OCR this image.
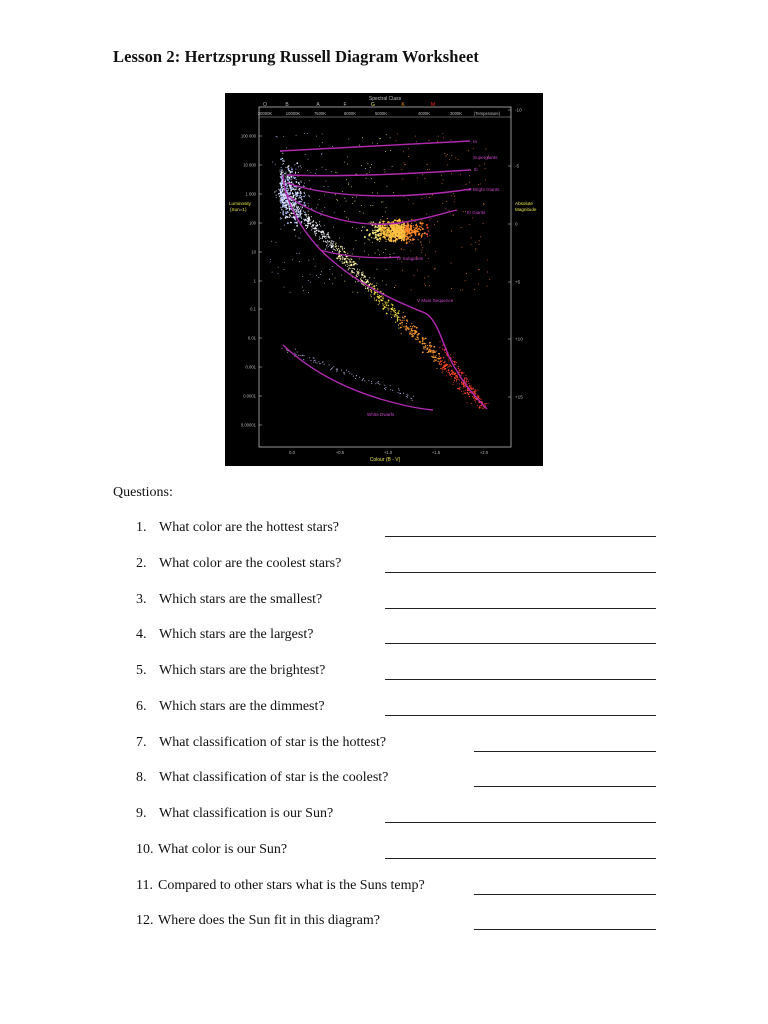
Lesson 2: Hertzsprung Russell Diagram Worksheet
Spectral Class
O	B	A	F	G	K	M
30000K	10000K	7500K	6000K	5000K	4000K	3000K	(Temperature)
Luminosity
(Sun=1)
Absolute
Magnitude
Colour (B - V)
100 000
10 000
1 000
100
10
1
0.1
0.01
0.001
0.0001
0.00001
-10
-5
0
+5
+10
+15
0.0	+0.5	+1.0	+1.5	+2.0
Ia
Supergiants
Ib
II Bright Giants
III Giants
IV Subgiants
V Main Sequence
White Dwarfs
Questions:
1. What color are the hottest stars?
2. What color are the coolest stars?
3. Which stars are the smallest?
4. Which stars are the largest?
5. Which stars are the brightest?
6. Which stars are the dimmest?
7. What classification of star is the hottest?
8. What classification of star is the coolest?
9. What classification is our Sun?
10. What color is our Sun?
11. Compared to other stars what is the Suns temp?
12. Where does the Sun fit in this diagram?
